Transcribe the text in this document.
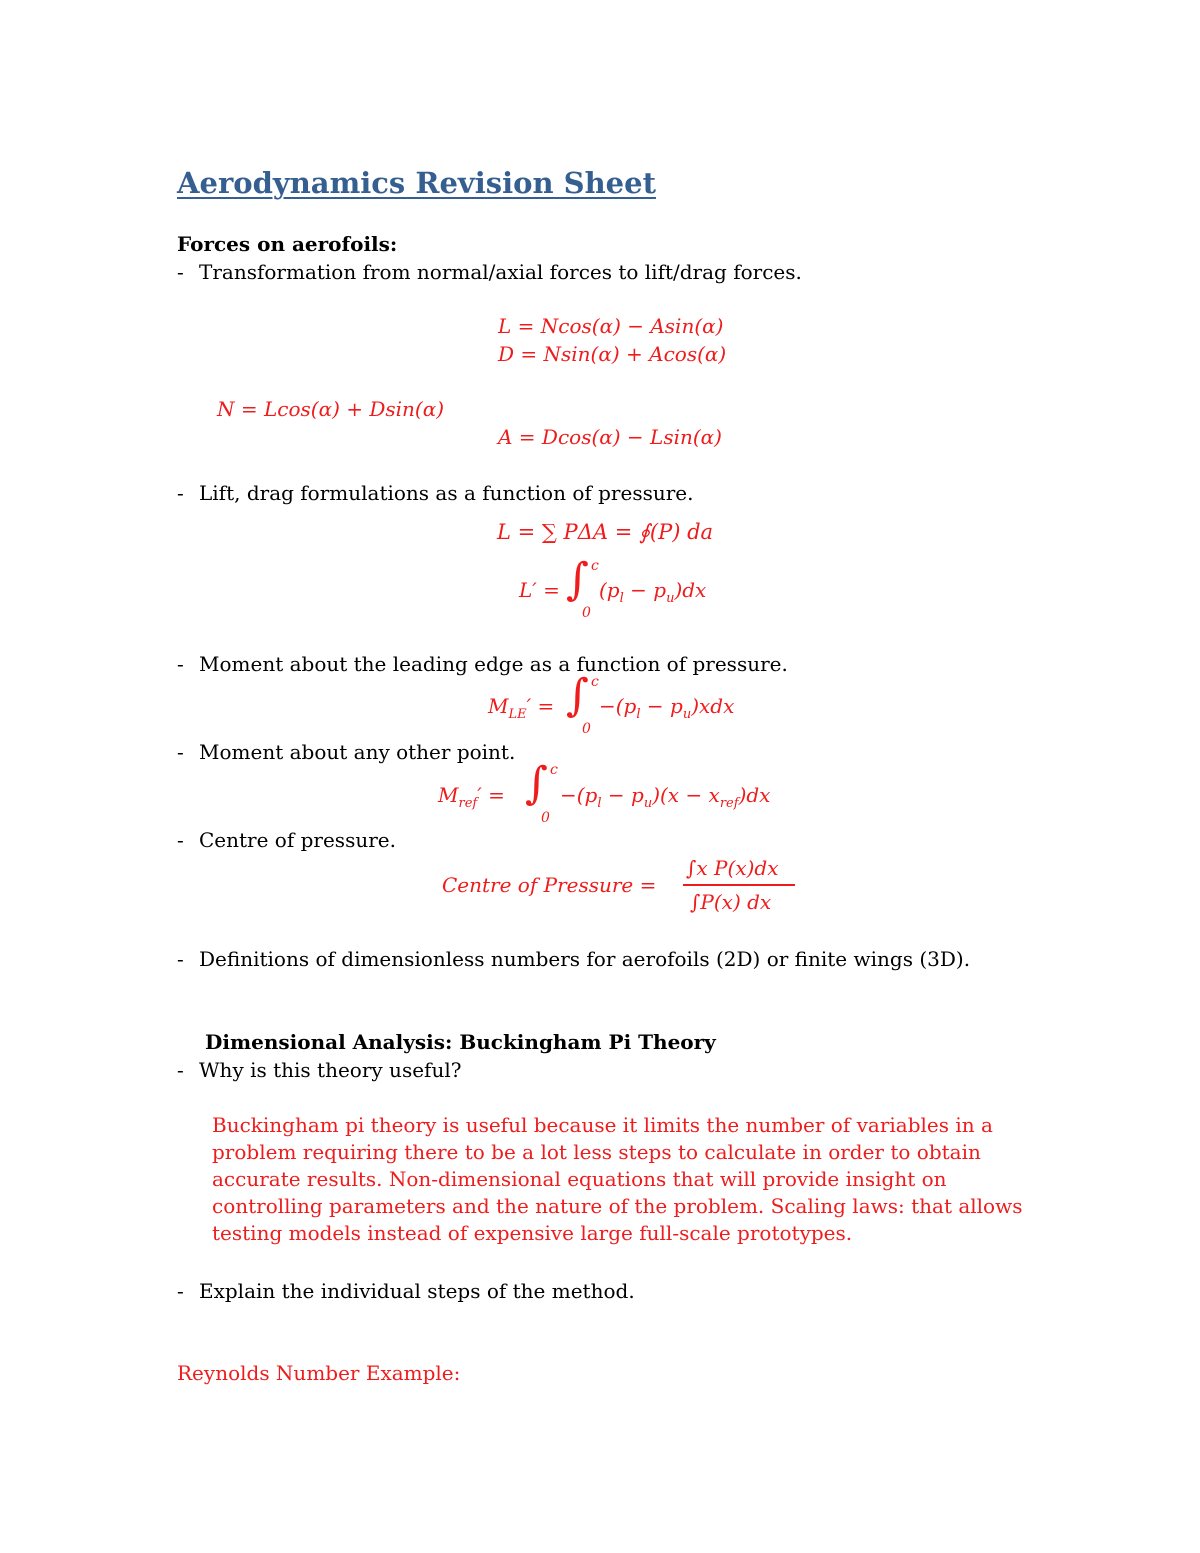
Aerodynamics Revision Sheet
Forces on aerofoils:
- Transformation from normal/axial forces to lift/drag forces.
L = Ncos(α) − Asin(α)
D = Nsin(α) + Acos(α)
N = Lcos(α) + Dsin(α)
A = Dcos(α) − Lsin(α)
- Lift, drag formulations as a function of pressure.
L = ∑ PΔA = ∮(P) da
L′ = ∫ c
0
$(p_l - p_u)dx$
- Moment about the leading edge as a function of pressure.
$M_{LE}'$ = ∫ c
0
$-(p_l - p_u)xdx$
- Moment about any other point.
$M_{ref}'$ = ∫ c
0
$-(p_l - p_u)(x - x_{ref})dx$
- Centre of pressure.
Centre of Pressure =
∫x P(x)dx
∫P(x) dx
- Definitions of dimensionless numbers for aerofoils (2D) or finite wings (3D).
Dimensional Analysis: Buckingham Pi Theory
- Why is this theory useful?
Buckingham pi theory is useful because it limits the number of variables in a
problem requiring there to be a lot less steps to calculate in order to obtain
accurate results. Non-dimensional equations that will provide insight on
controlling parameters and the nature of the problem. Scaling laws: that allows
testing models instead of expensive large full-scale prototypes.
- Explain the individual steps of the method.
Reynolds Number Example:
